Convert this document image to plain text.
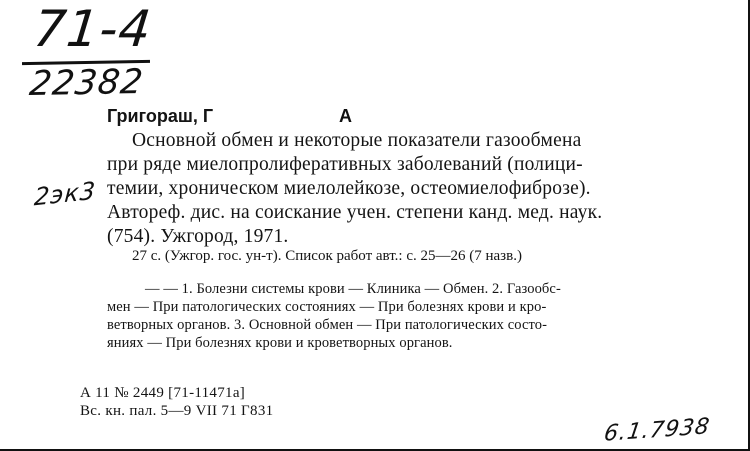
71-4
22382
2эк3
6.1.7938
Григораш, Г	А
Основной обмен и некоторые показатели газообмена
при ряде миелопролиферативных заболеваний (полици-
темии, хроническом миелолейкозе, остеомиелофиброзе).
Автореф. дис. на соискание учен. степени канд. мед. наук.
(754). Ужгород, 1971.
27 с. (Ужгор. гос. ун-т). Список работ авт.: с. 25—26 (7 назв.)
— — 1. Болезни системы крови — Клиника — Обмен. 2. Газообс-
мен — При патологических состояниях — При болезнях крови и кро-
ветворных органов. 3. Основной обмен — При патологических состо-
яниях — При болезнях крови и кроветворных органов.
А 11 № 2449 [71-11471а]
Вс. кн. пал. 5—9 VII 71 Г831
